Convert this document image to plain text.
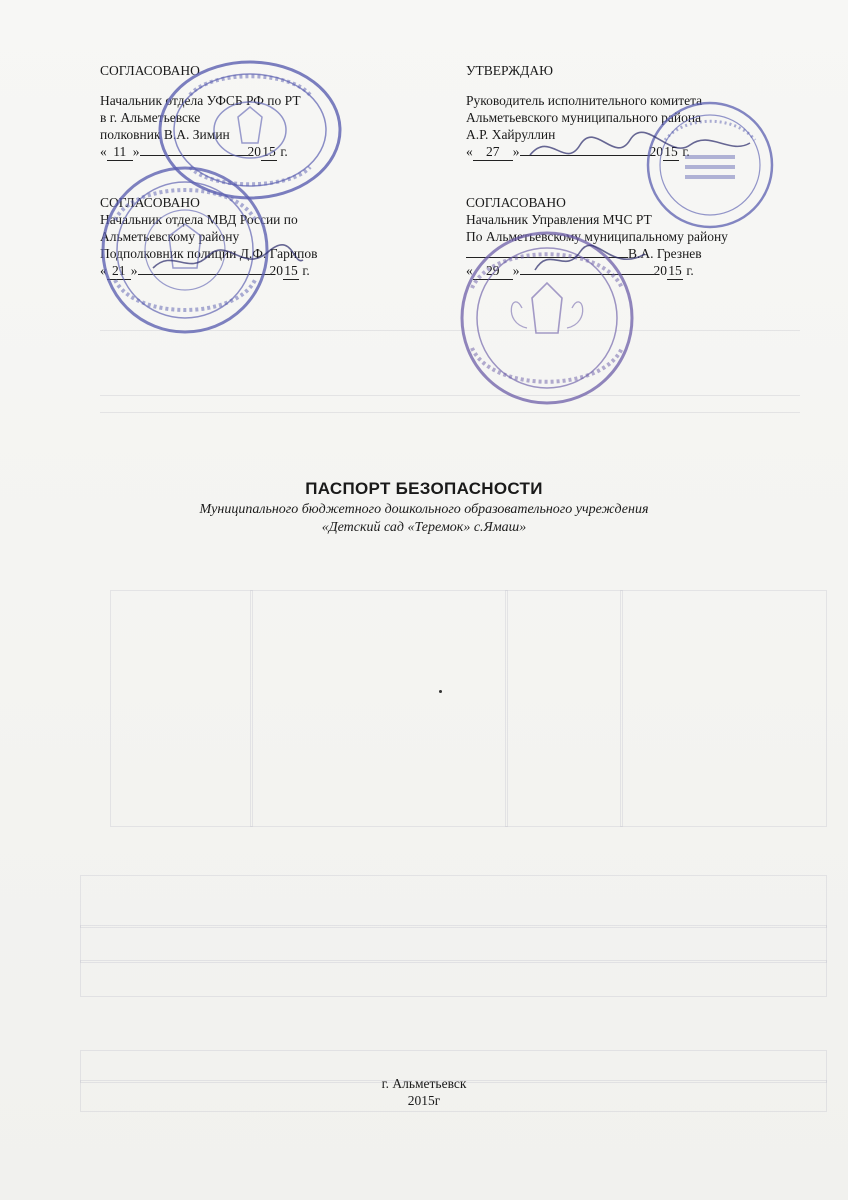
СОГЛАСОВАНО
Начальник отдела УФСБ РФ по РТ
в г. Альметьевске
полковник В.А. Зимин
« 11 »	2015 г.
УТВЕРЖДАЮ
Руководитель исполнительного комитета
Альметьевского муниципального района
А.Р. Хайруллин
« 27 »	2015 г.
СОГЛАСОВАНО
Начальник отдела МВД России по
Альметьевскому району
Подполковник полиции Д.Ф. Гарипов
« 21 »	2015 г.
СОГЛАСОВАНО
Начальник Управления МЧС РТ
По Альметьевскому муниципальному району
В.А. Грезнев
« 29 »	2015 г.
ПАСПОРТ БЕЗОПАСНОСТИ
Муниципального бюджетного дошкольного образовательного учреждения
«Детский сад «Теремок» с.Ямаш»
г. Альметьевск
2015г
